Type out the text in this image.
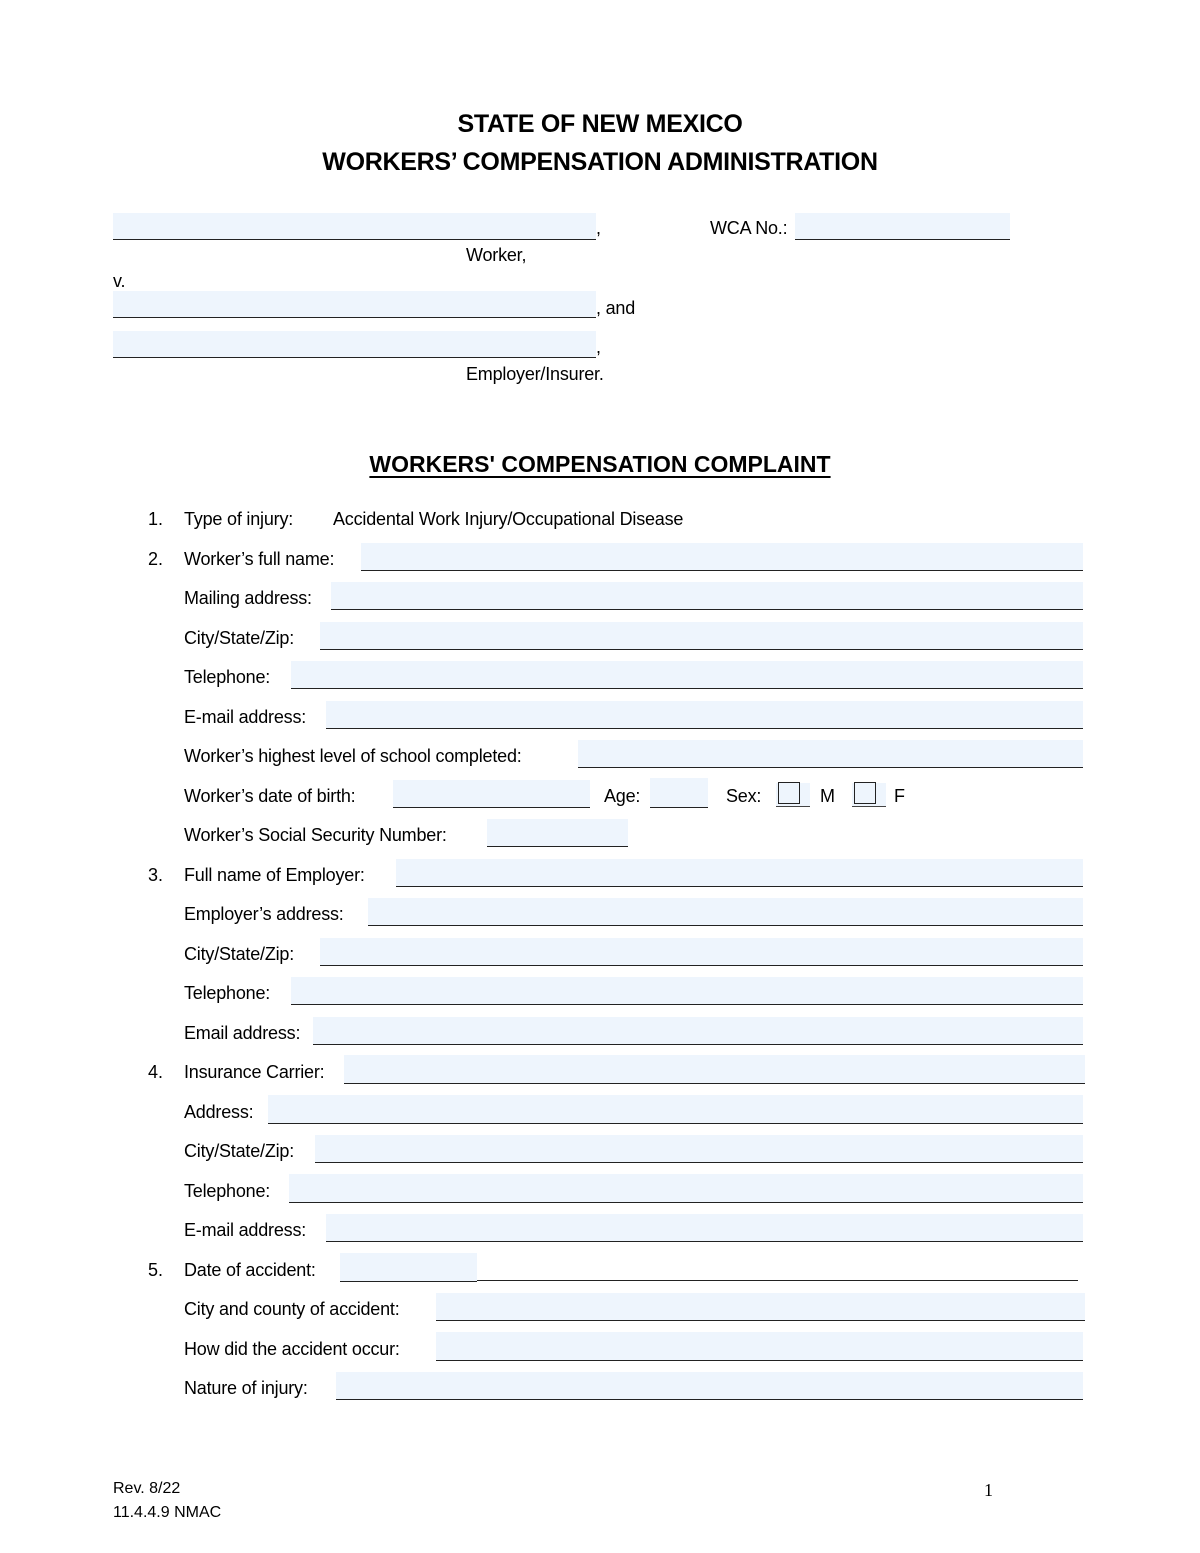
STATE OF NEW MEXICO
WORKERS’ COMPENSATION ADMINISTRATION
,
Worker,
v.
, and
,
Employer/Insurer.
WCA No.:
WORKERS' COMPENSATION COMPLAINT
1. Type of injury: Accidental Work Injury/Occupational Disease
2. Worker’s full name:
Mailing address:
City/State/Zip:
Telephone:
E-mail address:
Worker’s highest level of school completed:
Worker’s date of birth:	Age:	Sex:	M	F
Worker’s Social Security Number:
3. Full name of Employer:
Employer’s address:
City/State/Zip:
Telephone:
Email address:
4. Insurance Carrier:
Address:
City/State/Zip:
Telephone:
E-mail address:
5. Date of accident:
City and county of accident:
How did the accident occur:
Nature of injury:
Rev. 8/22
11.4.4.9 NMAC
1
